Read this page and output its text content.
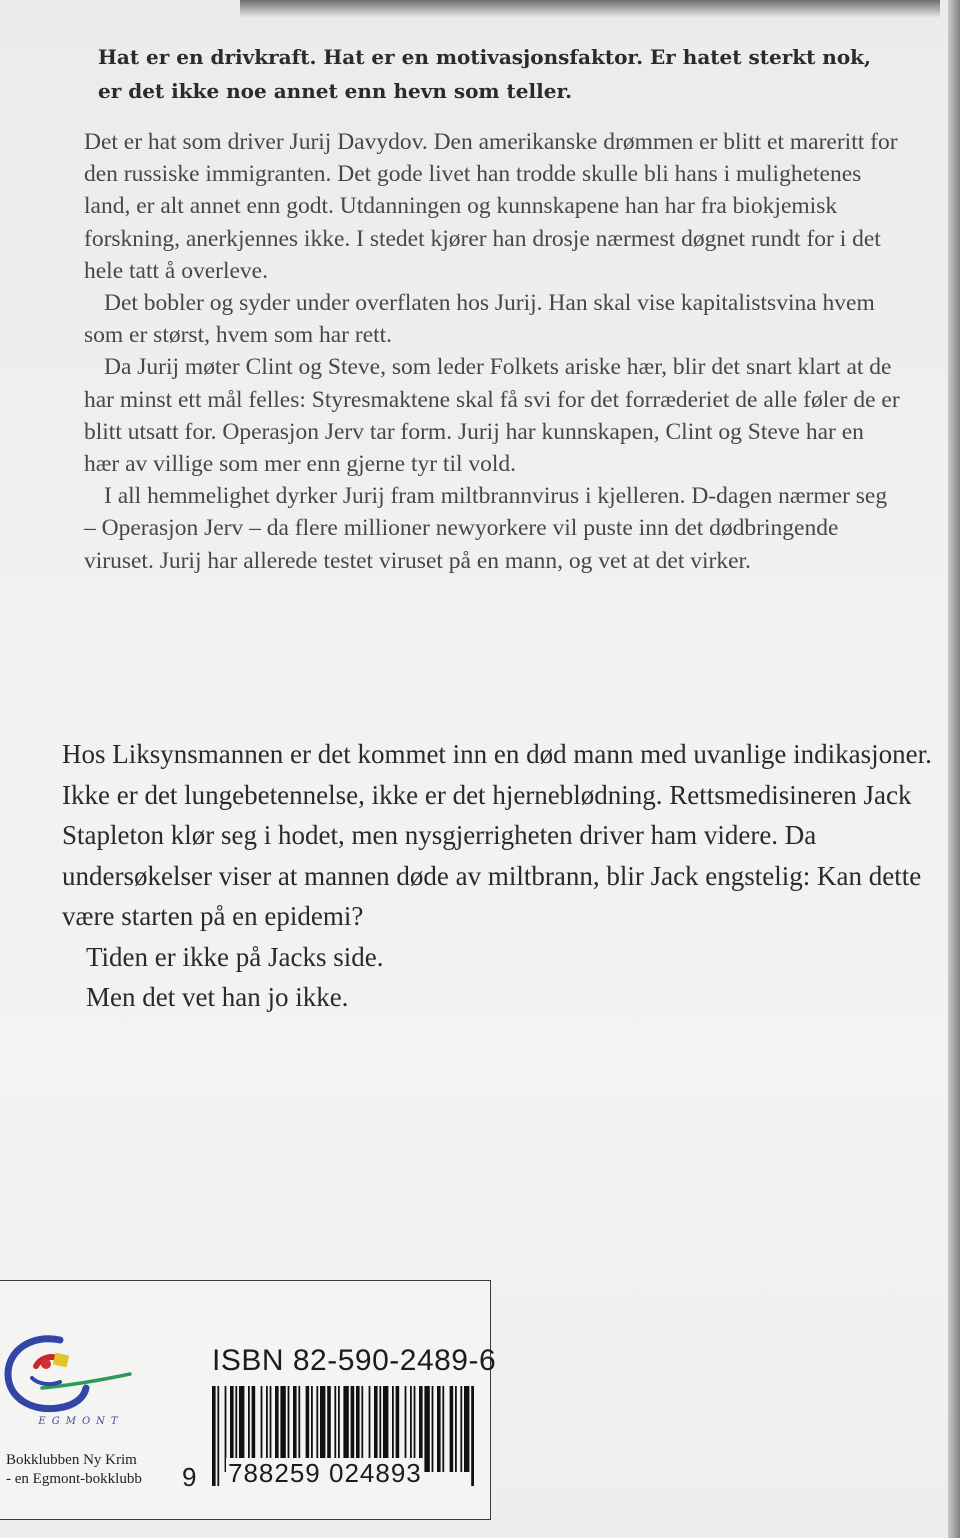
Hat er en drivkraft. Hat er en motivasjonsfaktor. Er hatet sterkt nok,

er det ikke noe annet enn hevn som teller.

Det er hat som driver Jurij Davydov. Den amerikanske drømmen er blitt et mareritt for den russiske immigranten. Det gode livet han trodde skulle bli hans i mulighetenes land, er alt annet enn godt. Utdanningen og kunnskapene han har fra biokjemisk forskning, anerkjennes ikke. I stedet kjører han drosje nærmest døgnet rundt for i det hele tatt å overleve.

Det bobler og syder under overflaten hos Jurij. Han skal vise kapitalistsvina hvem som er størst, hvem som har rett.

Da Jurij møter Clint og Steve, som leder Folkets ariske hær, blir det snart klart at de har minst ett mål felles: Styresmaktene skal få svi for det forræderiet de alle føler de er blitt utsatt for. Operasjon Jerv tar form. Jurij har kunnskapen, Clint og Steve har en hær av villige som mer enn gjerne tyr til vold.

I all hemmelighet dyrker Jurij fram miltbrannvirus i kjelleren. D-dagen nærmer seg – Operasjon Jerv – da flere millioner newyorkere vil puste inn det dødbringende viruset. Jurij har allerede testet viruset på en mann, og vet at det virker.

Hos Liksynsmannen er det kommet inn en død mann med uvanlige indikasjoner. Ikke er det lungebetennelse, ikke er det hjerneblødning. Rettsmedisineren Jack Stapleton klør seg i hodet, men nysgjerrigheten driver ham videre. Da undersøkelser viser at mannen døde av miltbrann, blir Jack engstelig: Kan dette være starten på en epidemi?

Tiden er ikke på Jacks side.

Men det vet han jo ikke.

EGMONT
Bokklubben Ny Krim
- en Egmont-bokklubb
ISBN 82-590-2489-6
9 788259 024893
